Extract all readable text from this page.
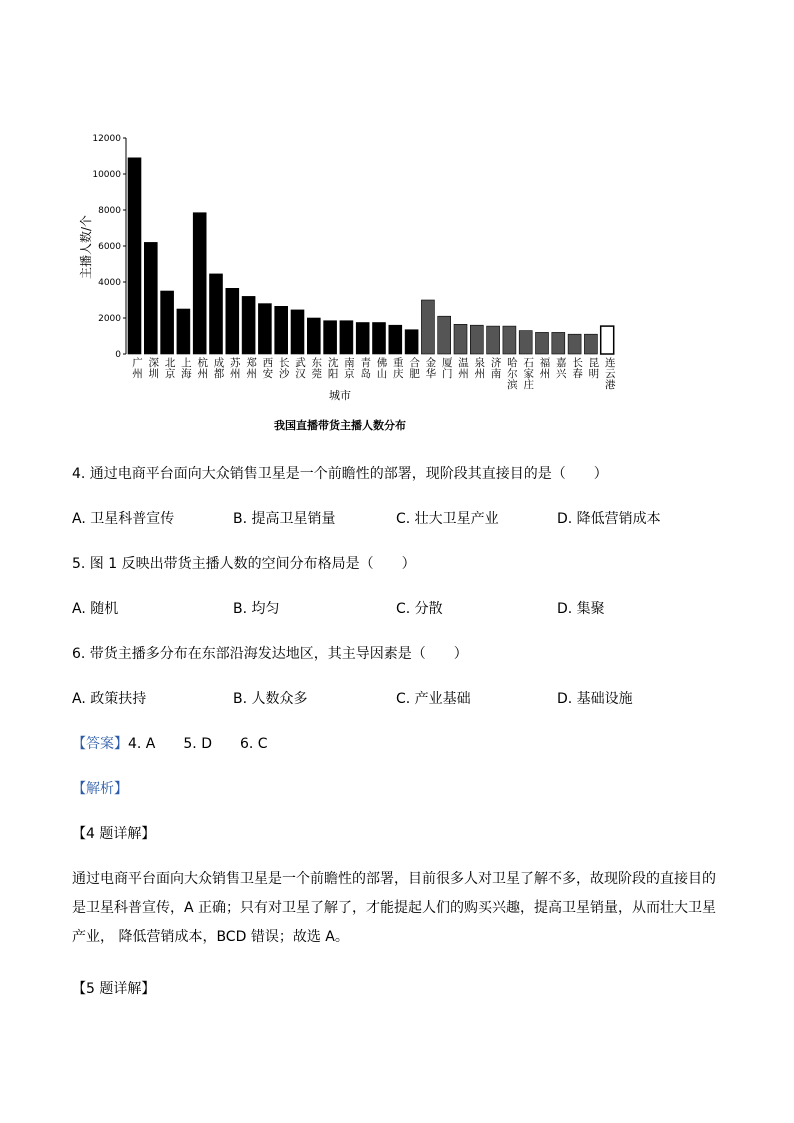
0
2000
4000
6000
8000
10000
12000
广州
深圳
北京
上海
杭州
成都
苏州
郑州
西安
长沙
武汉
东莞
沈阳
南京
青岛
佛山
重庆
合肥
金华
厦门
温州
泉州
济南
哈尔滨
石家庄
福州
嘉兴
长春
昆明
连云港
主播人数/个
城市
我国直播带货主播人数分布
4. 通过电商平台面向大众销售卫星是一个前瞻性的部署，现阶段其直接目的是（　　）
A. 卫星科普宣传	B. 提高卫星销量	C. 壮大卫星产业	D. 降低营销成本
5. 图 1 反映出带货主播人数的空间分布格局是（　　）
A. 随机	B. 均匀	C. 分散	D. 集聚
6. 带货主播多分布在东部沿海发达地区，其主导因素是（　　）
A. 政策扶持	B. 人数众多	C. 产业基础	D. 基础设施
【答案】4. A　　5. D　　6. C
【解析】
【4 题详解】
通过电商平台面向大众销售卫星是一个前瞻性的部署，目前很多人对卫星了解不多，故现阶段的直接目的是卫星科普宣传，A 正确；只有对卫星了解了，才能提起人们的购买兴趣，提高卫星销量，从而壮大卫星产业， 降低营销成本，BCD 错误；故选 A。
【5 题详解】
